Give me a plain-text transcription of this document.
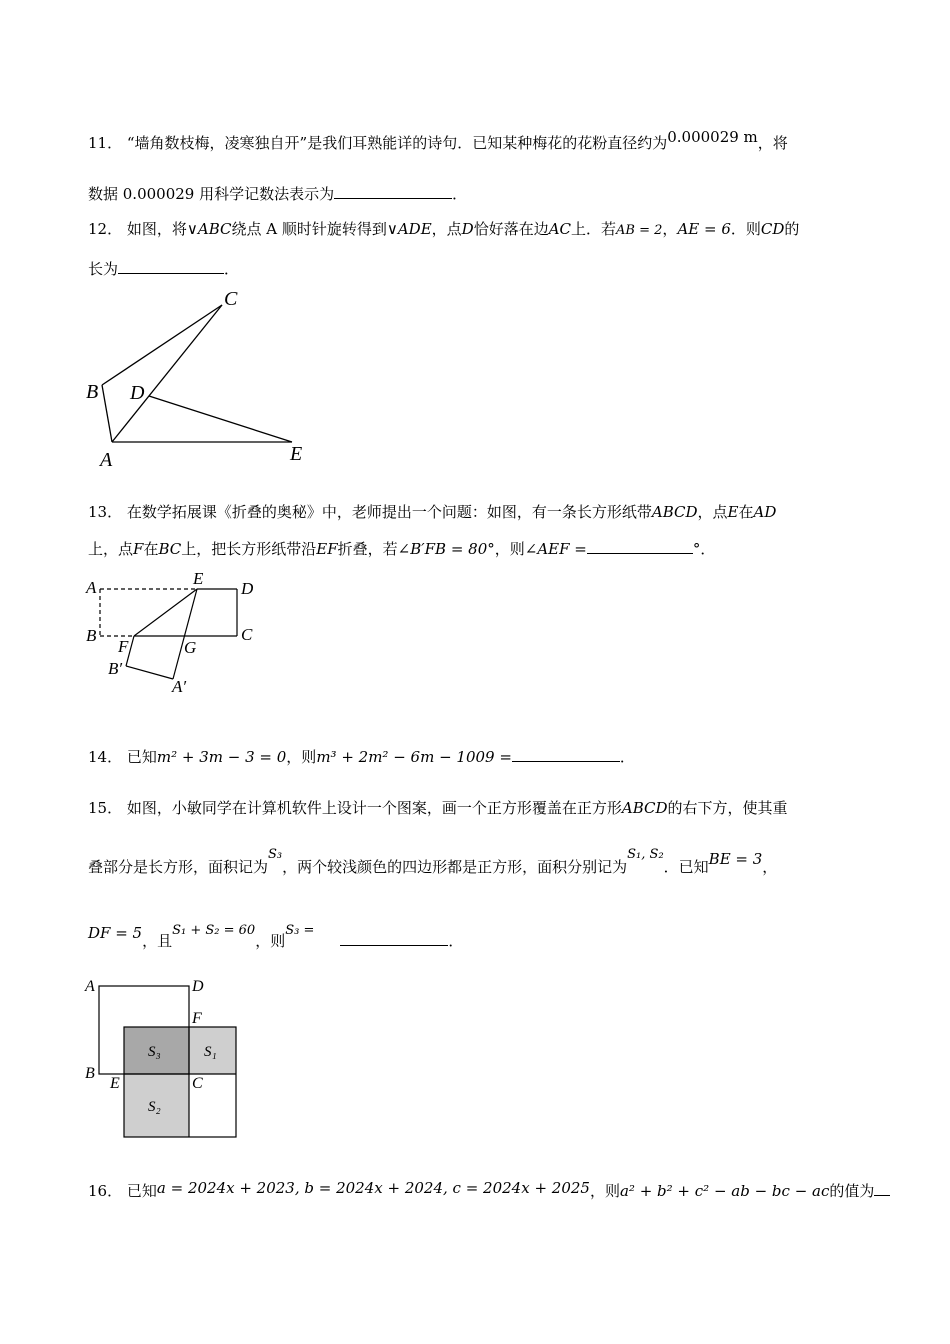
11． “墙角数枝梅，凌寒独自开”是我们耳熟能详的诗句．已知某种梅花的花粉直径约为0.000029 m，将
数据 0.000029 用科学记数法表示为	．
12． 如图，将∨ABC绕点 A 顺时针旋转得到∨ADE，点D恰好落在边AC上．若AB = 2，AE = 6．则CD的
长为	．
C
B D
A	E
13． 在数学拓展课《折叠的奥秘》中，老师提出一个问题：如图，有一条长方形纸带ABCD，点E在AD
上，点F在BC上，把长方形纸带沿EF折叠，若∠B′FB = 80°，则∠AEF =	°．
A	E
D
B	C
F	G
B′
A′
14． 已知m² + 3m − 3 = 0，则m³ + 2m² − 6m − 1009 =	．
15． 如图，小敏同学在计算机软件上设计一个图案，画一个正方形覆盖在正方形ABCD的右下方，使其重
叠部分是长方形，面积记为S₃，两个较浅颜色的四边形都是正方形，面积分别记为S₁, S₂．已知BE = 3，
DF = 5，且S₁ + S₂ = 60，则S₃ =．
A	D
F
B
E	C
S₃	S₁
S₂
16． 已知a = 2024x + 2023, b = 2024x + 2024, c = 2024x + 2025，则a² + b² + c² − ab − bc − ac的值为
